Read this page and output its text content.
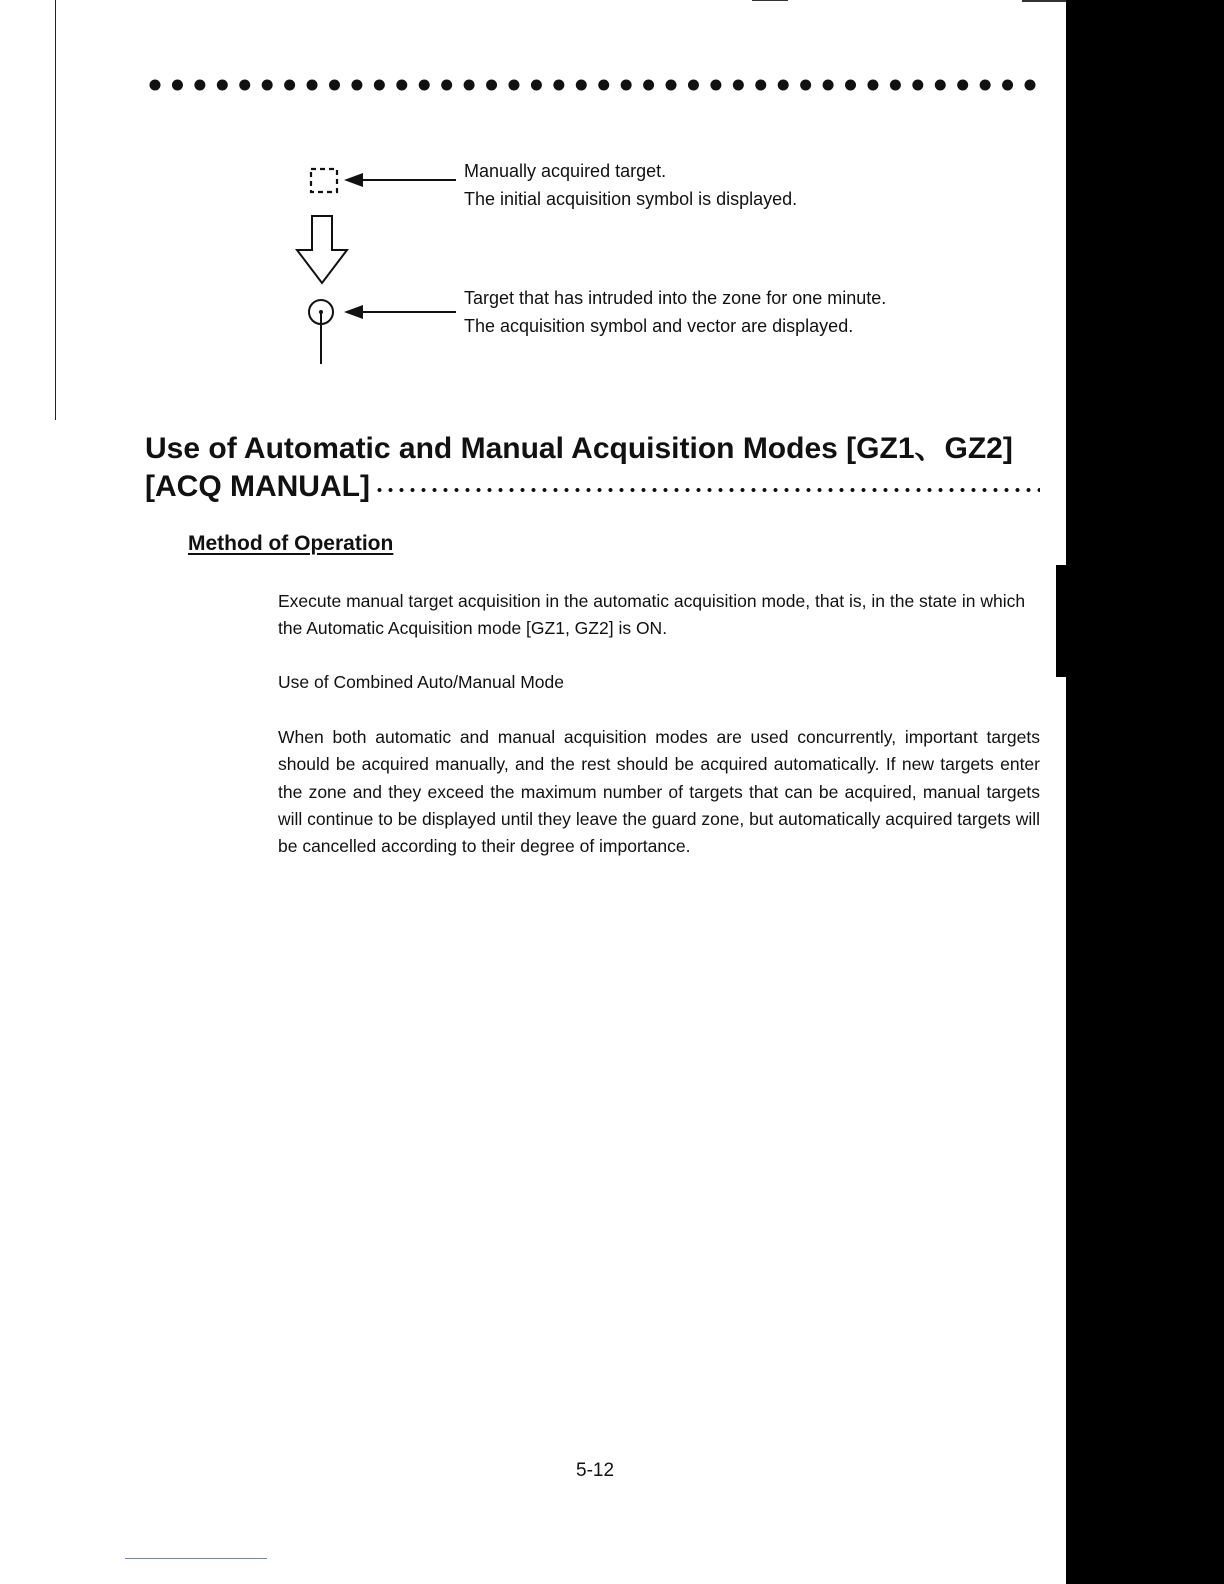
Manually acquired target.

The initial acquisition symbol is displayed.

Target that has intruded into the zone for one minute.

The acquisition symbol and vector are displayed.

Use of Automatic and Manual Acquisition Modes [GZ1、GZ2]
[ACQ MANUAL]
Method of Operation

Execute manual target acquisition in the automatic acquisition mode, that is, in the state in which the Automatic Acquisition mode [GZ1, GZ2] is ON.

Use of Combined Auto/Manual Mode

When both automatic and manual acquisition modes are used concurrently, important targets should be acquired manually, and the rest should be acquired automatically. If new targets enter the zone and they exceed the maximum number of targets that can be acquired, manual targets will continue to be displayed until they leave the guard zone, but automatically acquired targets will be cancelled according to their degree of importance.

5-12
